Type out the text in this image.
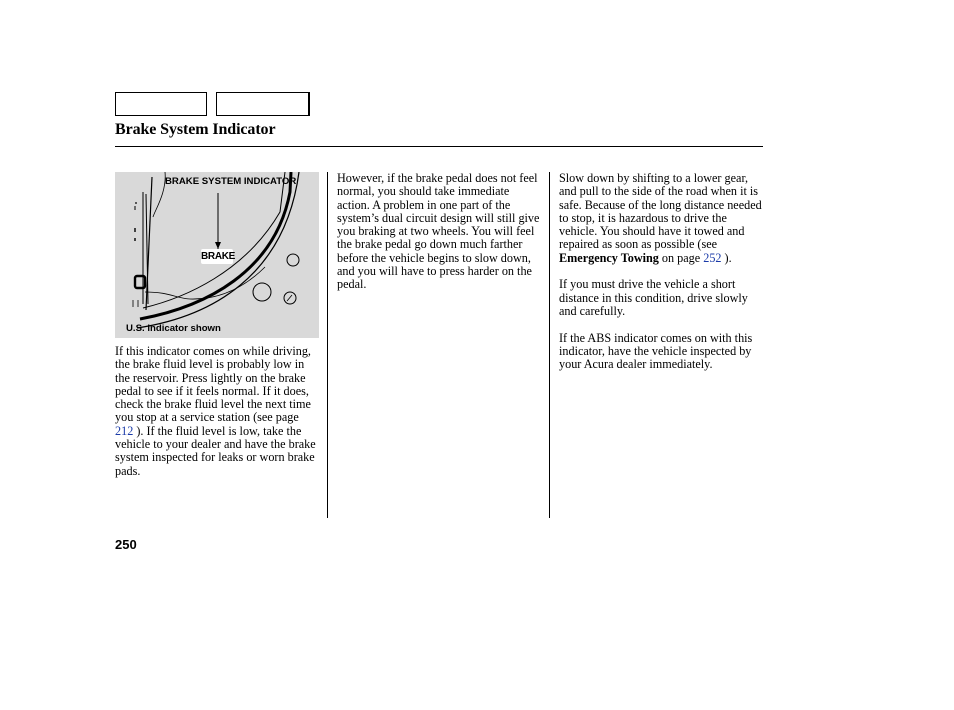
Brake System Indicator
BRAKE SYSTEM INDICATOR
BRAKE
U.S. indicator shown

If this indicator comes on while driving, the brake fluid level is probably low in the reservoir. Press lightly on the brake pedal to see if it feels normal. If it does, check the brake fluid level the next time you stop at a service station (see page 212 ). If the fluid level is low, take the vehicle to your dealer and have the brake system inspected for leaks or worn brake pads.

However, if the brake pedal does not feel normal, you should take immediate action. A problem in one part of the system’s dual circuit design will still give you braking at two wheels. You will feel the brake pedal go down much farther before the vehicle begins to slow down, and you will have to press harder on the pedal.

Slow down by shifting to a lower gear, and pull to the side of the road when it is safe. Because of the long distance needed to stop, it is hazardous to drive the vehicle. You should have it towed and repaired as soon as possible (see Emergency Towing on page 252 ).

If you must drive the vehicle a short distance in this condition, drive slowly and carefully.

If the ABS indicator comes on with this indicator, have the vehicle inspected by your Acura dealer immediately.

250
